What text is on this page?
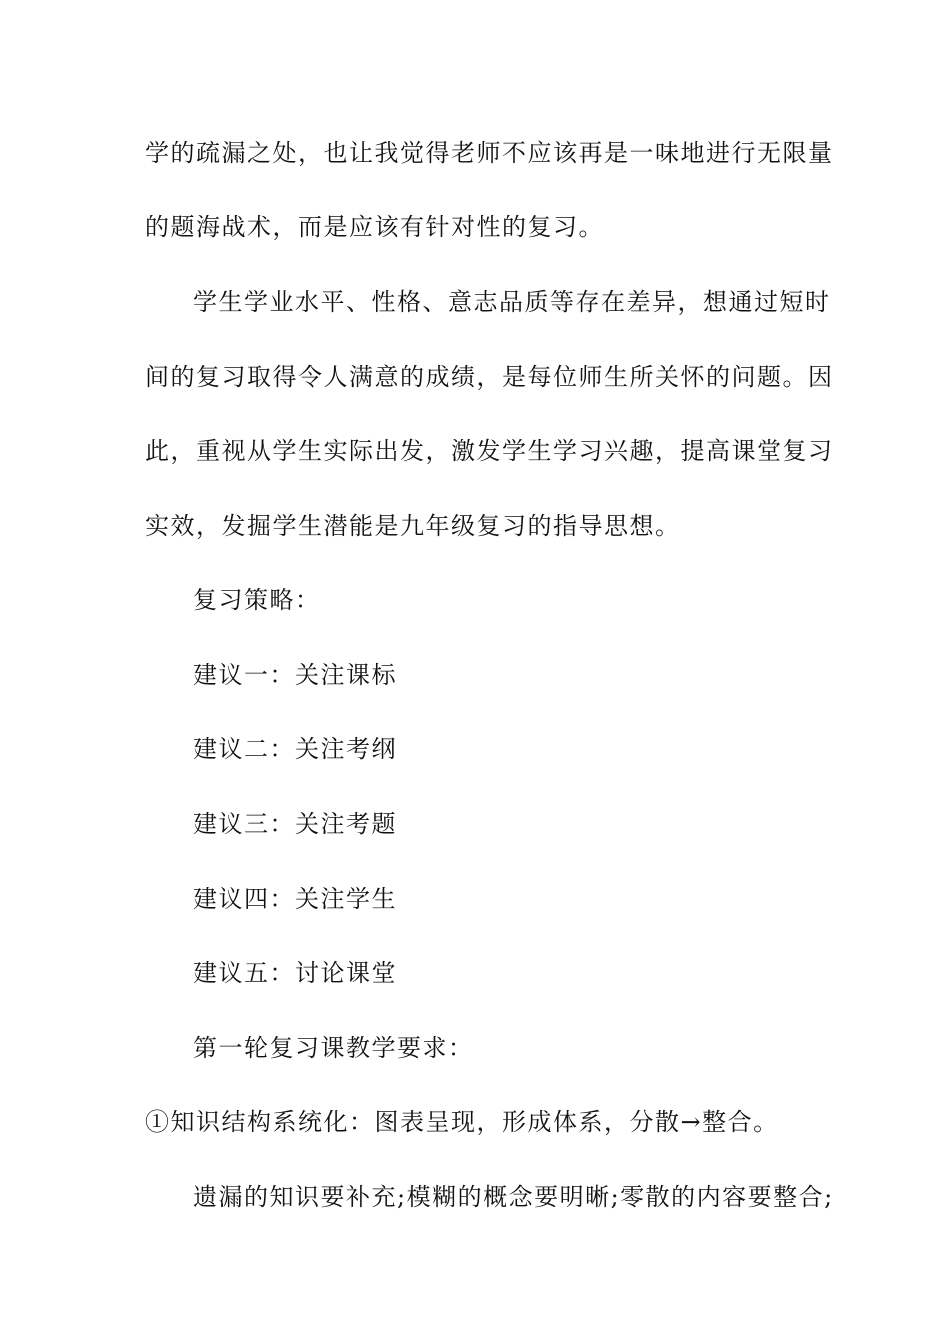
学的疏漏之处，也让我觉得老师不应该再是一味地进行无限量
的题海战术，而是应该有针对性的复习。
学生学业水平、性格、意志品质等存在差异，想通过短时
间的复习取得令人满意的成绩，是每位师生所关怀的问题。因
此，重视从学生实际出发，激发学生学习兴趣，提高课堂复习
实效，发掘学生潜能是九年级复习的指导思想。
复习策略：
建议一：关注课标
建议二：关注考纲
建议三：关注考题
建议四：关注学生
建议五：讨论课堂
第一轮复习课教学要求：
①知识结构系统化：图表呈现，形成体系，分散→整合。
遗漏的知识要补充;模糊的概念要明晰;零散的内容要整合;
